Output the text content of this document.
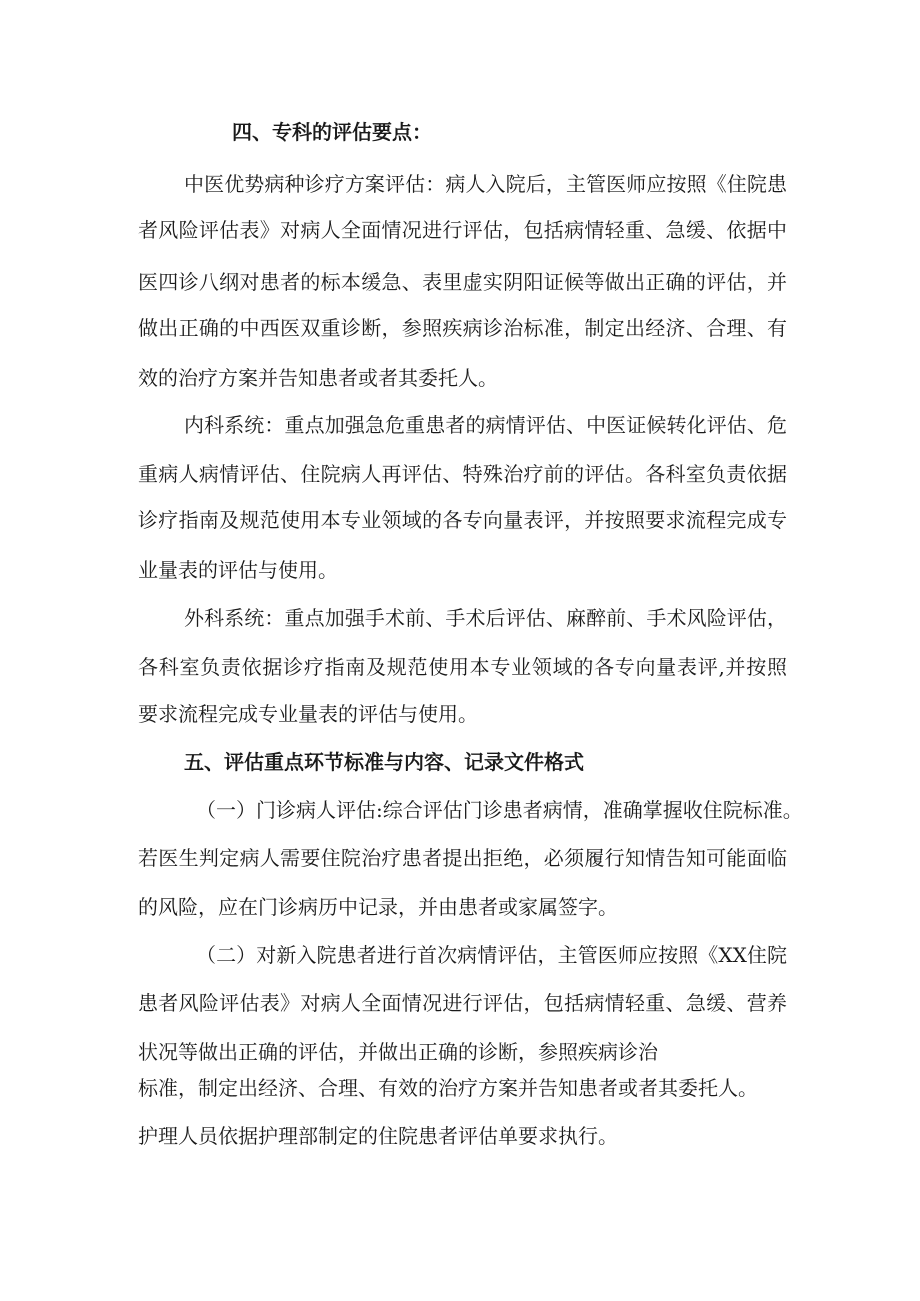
四、专科的评估要点：
中医优势病种诊疗方案评估：病人入院后，主管医师应按照《住院患
者风险评估表》对病人全面情况进行评估，包括病情轻重、急缓、依据中
医四诊八纲对患者的标本缓急、表里虚实阴阳证候等做出正确的评估，并
做出正确的中西医双重诊断，参照疾病诊治标准，制定出经济、合理、有
效的治疗方案并告知患者或者其委托人。
内科系统：重点加强急危重患者的病情评估、中医证候转化评估、危
重病人病情评估、住院病人再评估、特殊治疗前的评估。各科室负责依据
诊疗指南及规范使用本专业领域的各专向量表评，并按照要求流程完成专
业量表的评估与使用。
外科系统：重点加强手术前、手术后评估、麻醉前、手术风险评估，
各科室负责依据诊疗指南及规范使用本专业领域的各专向量表评,并按照
要求流程完成专业量表的评估与使用。
五、评估重点环节标准与内容、记录文件格式
（一）门诊病人评估:综合评估门诊患者病情，准确掌握收住院标准。
若医生判定病人需要住院治疗患者提出拒绝，必须履行知情告知可能面临
的风险，应在门诊病历中记录，并由患者或家属签字。
（二）对新入院患者进行首次病情评估，主管医师应按照《XX住院
患者风险评估表》对病人全面情况进行评估，包括病情轻重、急缓、营养
状况等做出正确的评估，并做出正确的诊断，参照疾病诊治
标准，制定出经济、合理、有效的治疗方案并告知患者或者其委托人。
护理人员依据护理部制定的住院患者评估单要求执行。
